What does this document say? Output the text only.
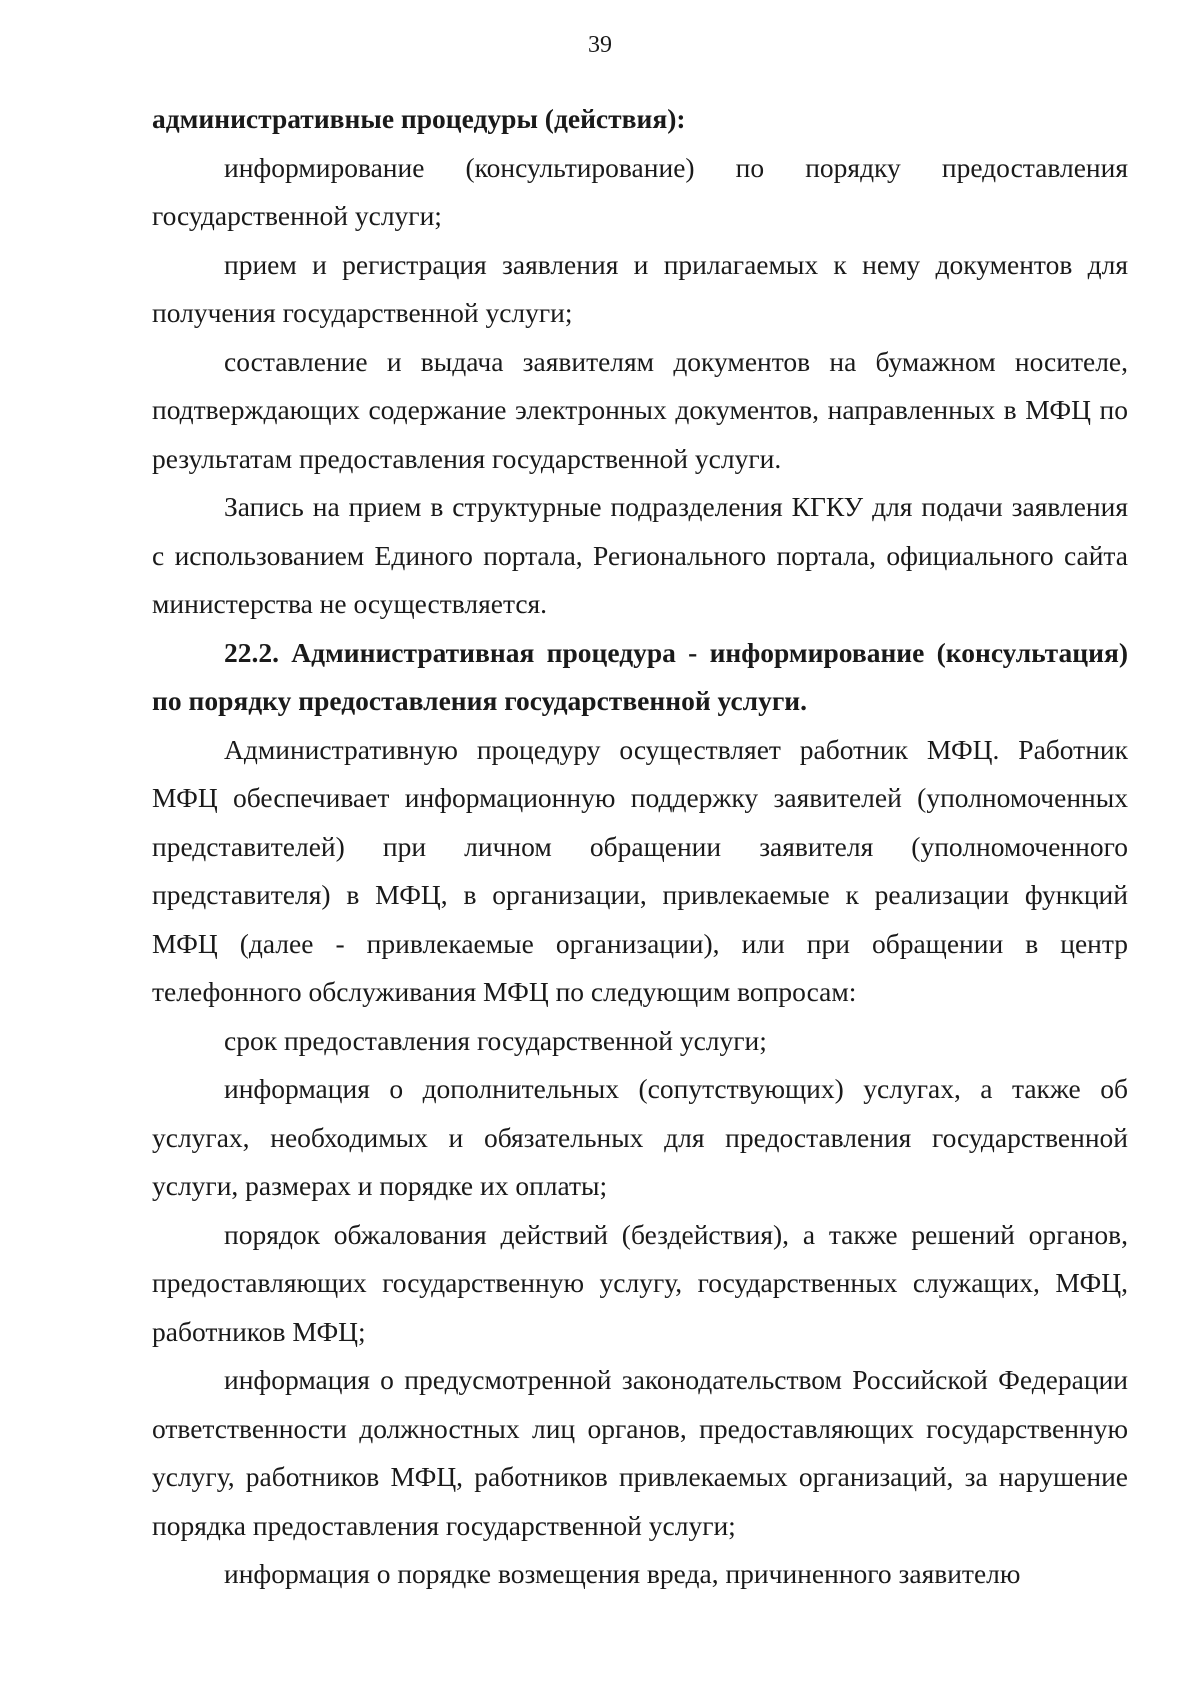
39

административные процедуры (действия):

информирование (консультирование) по порядку предоставления государственной услуги;

прием и регистрация заявления и прилагаемых к нему документов для получения государственной услуги;

составление и выдача заявителям документов на бумажном носителе, подтверждающих содержание электронных документов, направленных в МФЦ по результатам предоставления государственной услуги.

Запись на прием в структурные подразделения КГКУ для подачи заявления с использованием Единого портала, Регионального портала, официального сайта министерства не осуществляется.

22.2. Административная процедура - информирование (консультация) по порядку предоставления государственной услуги.

Административную процедуру осуществляет работник МФЦ. Работник МФЦ обеспечивает информационную поддержку заявителей (уполномоченных представителей) при личном обращении заявителя (уполномоченного представителя) в МФЦ, в организации, привлекаемые к реализации функций МФЦ (далее - привлекаемые организации), или при обращении в центр телефонного обслуживания МФЦ по следующим вопросам:

срок предоставления государственной услуги;

информация о дополнительных (сопутствующих) услугах, а также об услугах, необходимых и обязательных для предоставления государственной услуги, размерах и порядке их оплаты;

порядок обжалования действий (бездействия), а также решений органов, предоставляющих государственную услугу, государственных служащих, МФЦ, работников МФЦ;

информация о предусмотренной законодательством Российской Федерации ответственности должностных лиц органов, предоставляющих государственную услугу, работников МФЦ, работников привлекаемых организаций, за нарушение порядка предоставления государственной услуги;

информация о порядке возмещения вреда, причиненного заявителю
